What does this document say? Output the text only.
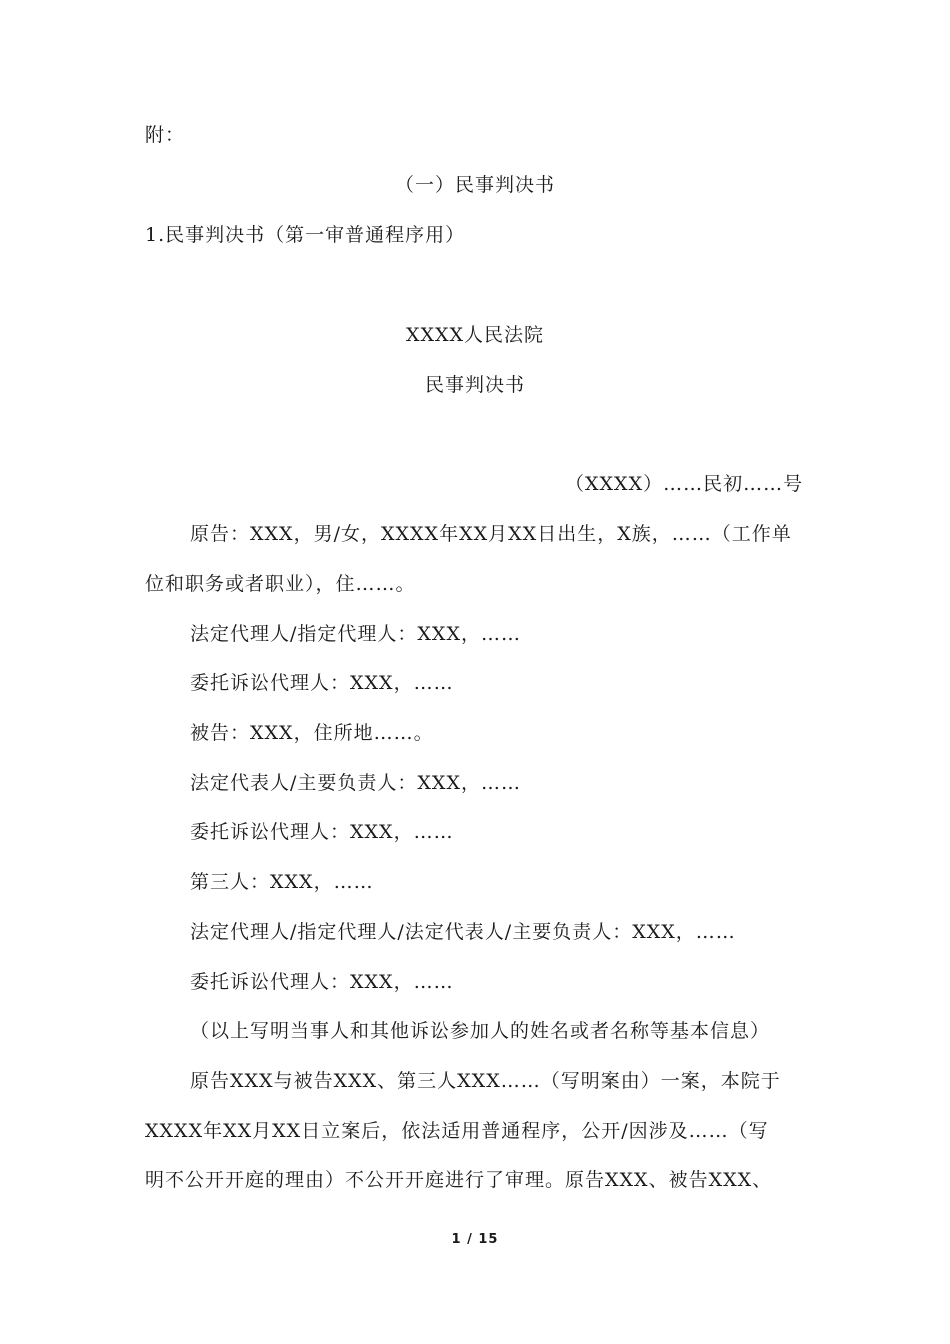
附：
（一）民事判决书
1.民事判决书（第一审普通程序用）
XXXX人民法院
民事判决书
（XXXX）……民初……号
原告：XXX，男/女，XXXX年XX月XX日出生，X族，……（工作单
位和职务或者职业），住……。
法定代理人/指定代理人：XXX，……
委托诉讼代理人：XXX，……
被告：XXX，住所地……。
法定代表人/主要负责人：XXX，……
委托诉讼代理人：XXX，……
第三人：XXX，……
法定代理人/指定代理人/法定代表人/主要负责人：XXX，……
委托诉讼代理人：XXX，……
（以上写明当事人和其他诉讼参加人的姓名或者名称等基本信息）
原告XXX与被告XXX、第三人XXX……（写明案由）一案，本院于
XXXX年XX月XX日立案后，依法适用普通程序，公开/因涉及……（写
明不公开开庭的理由）不公开开庭进行了审理。原告XXX、被告XXX、
1 / 15
